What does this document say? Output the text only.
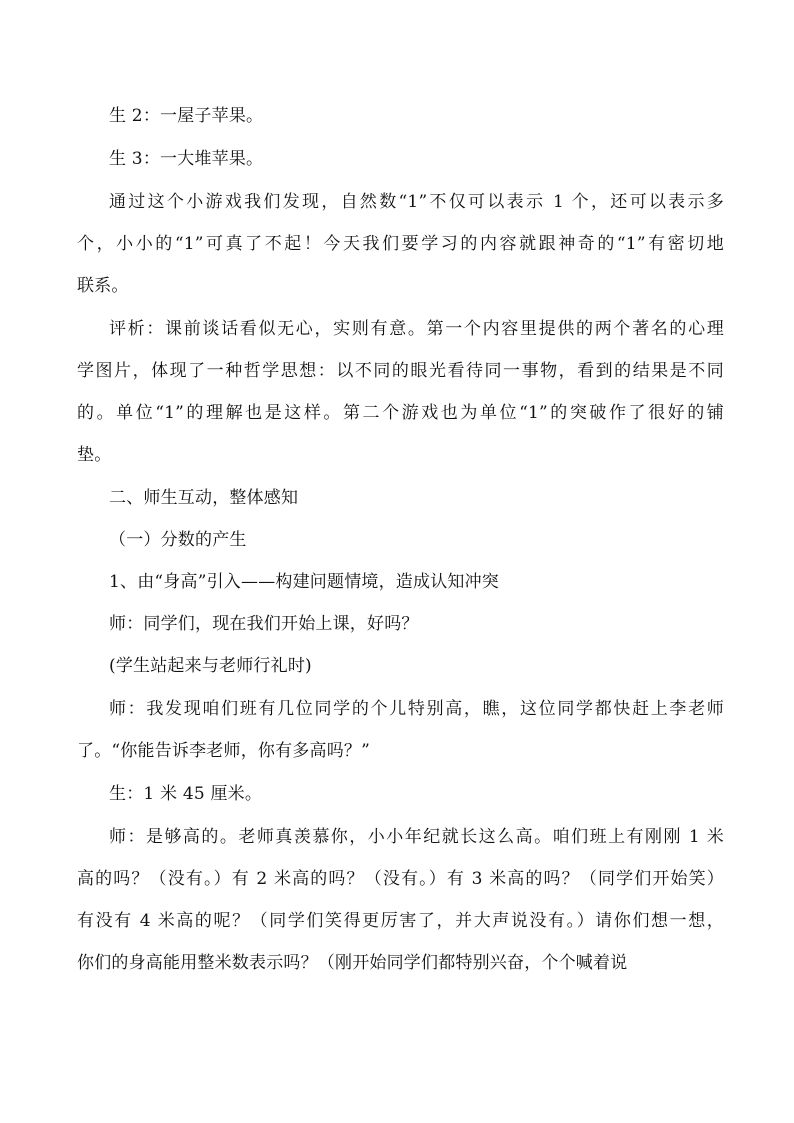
生 2：一屋子苹果。
生 3：一大堆苹果。
通过这个小游戏我们发现，自然数“1”不仅可以表示 1 个，还可以表示多
个，小小的“1”可真了不起！今天我们要学习的内容就跟神奇的“1”有密切地
联系。
评析：课前谈话看似无心，实则有意。第一个内容里提供的两个著名的心理
学图片，体现了一种哲学思想：以不同的眼光看待同一事物，看到的结果是不同
的。单位“1”的理解也是这样。第二个游戏也为单位“1”的突破作了很好的铺
垫。
二、师生互动，整体感知
（一）分数的产生
1、由“身高”引入——构建问题情境，造成认知冲突
师：同学们，现在我们开始上课，好吗？
(学生站起来与老师行礼时)
师：我发现咱们班有几位同学的个儿特别高，瞧，这位同学都快赶上李老师
了。“你能告诉李老师，你有多高吗？”
生：1 米 45 厘米。
师：是够高的。老师真羡慕你，小小年纪就长这么高。咱们班上有刚刚 1 米
高的吗？（没有。）有 2 米高的吗？（没有。）有 3 米高的吗？（同学们开始笑）
有没有 4 米高的呢？（同学们笑得更厉害了，并大声说没有。）请你们想一想，
你们的身高能用整米数表示吗？（刚开始同学们都特别兴奋，个个喊着说
